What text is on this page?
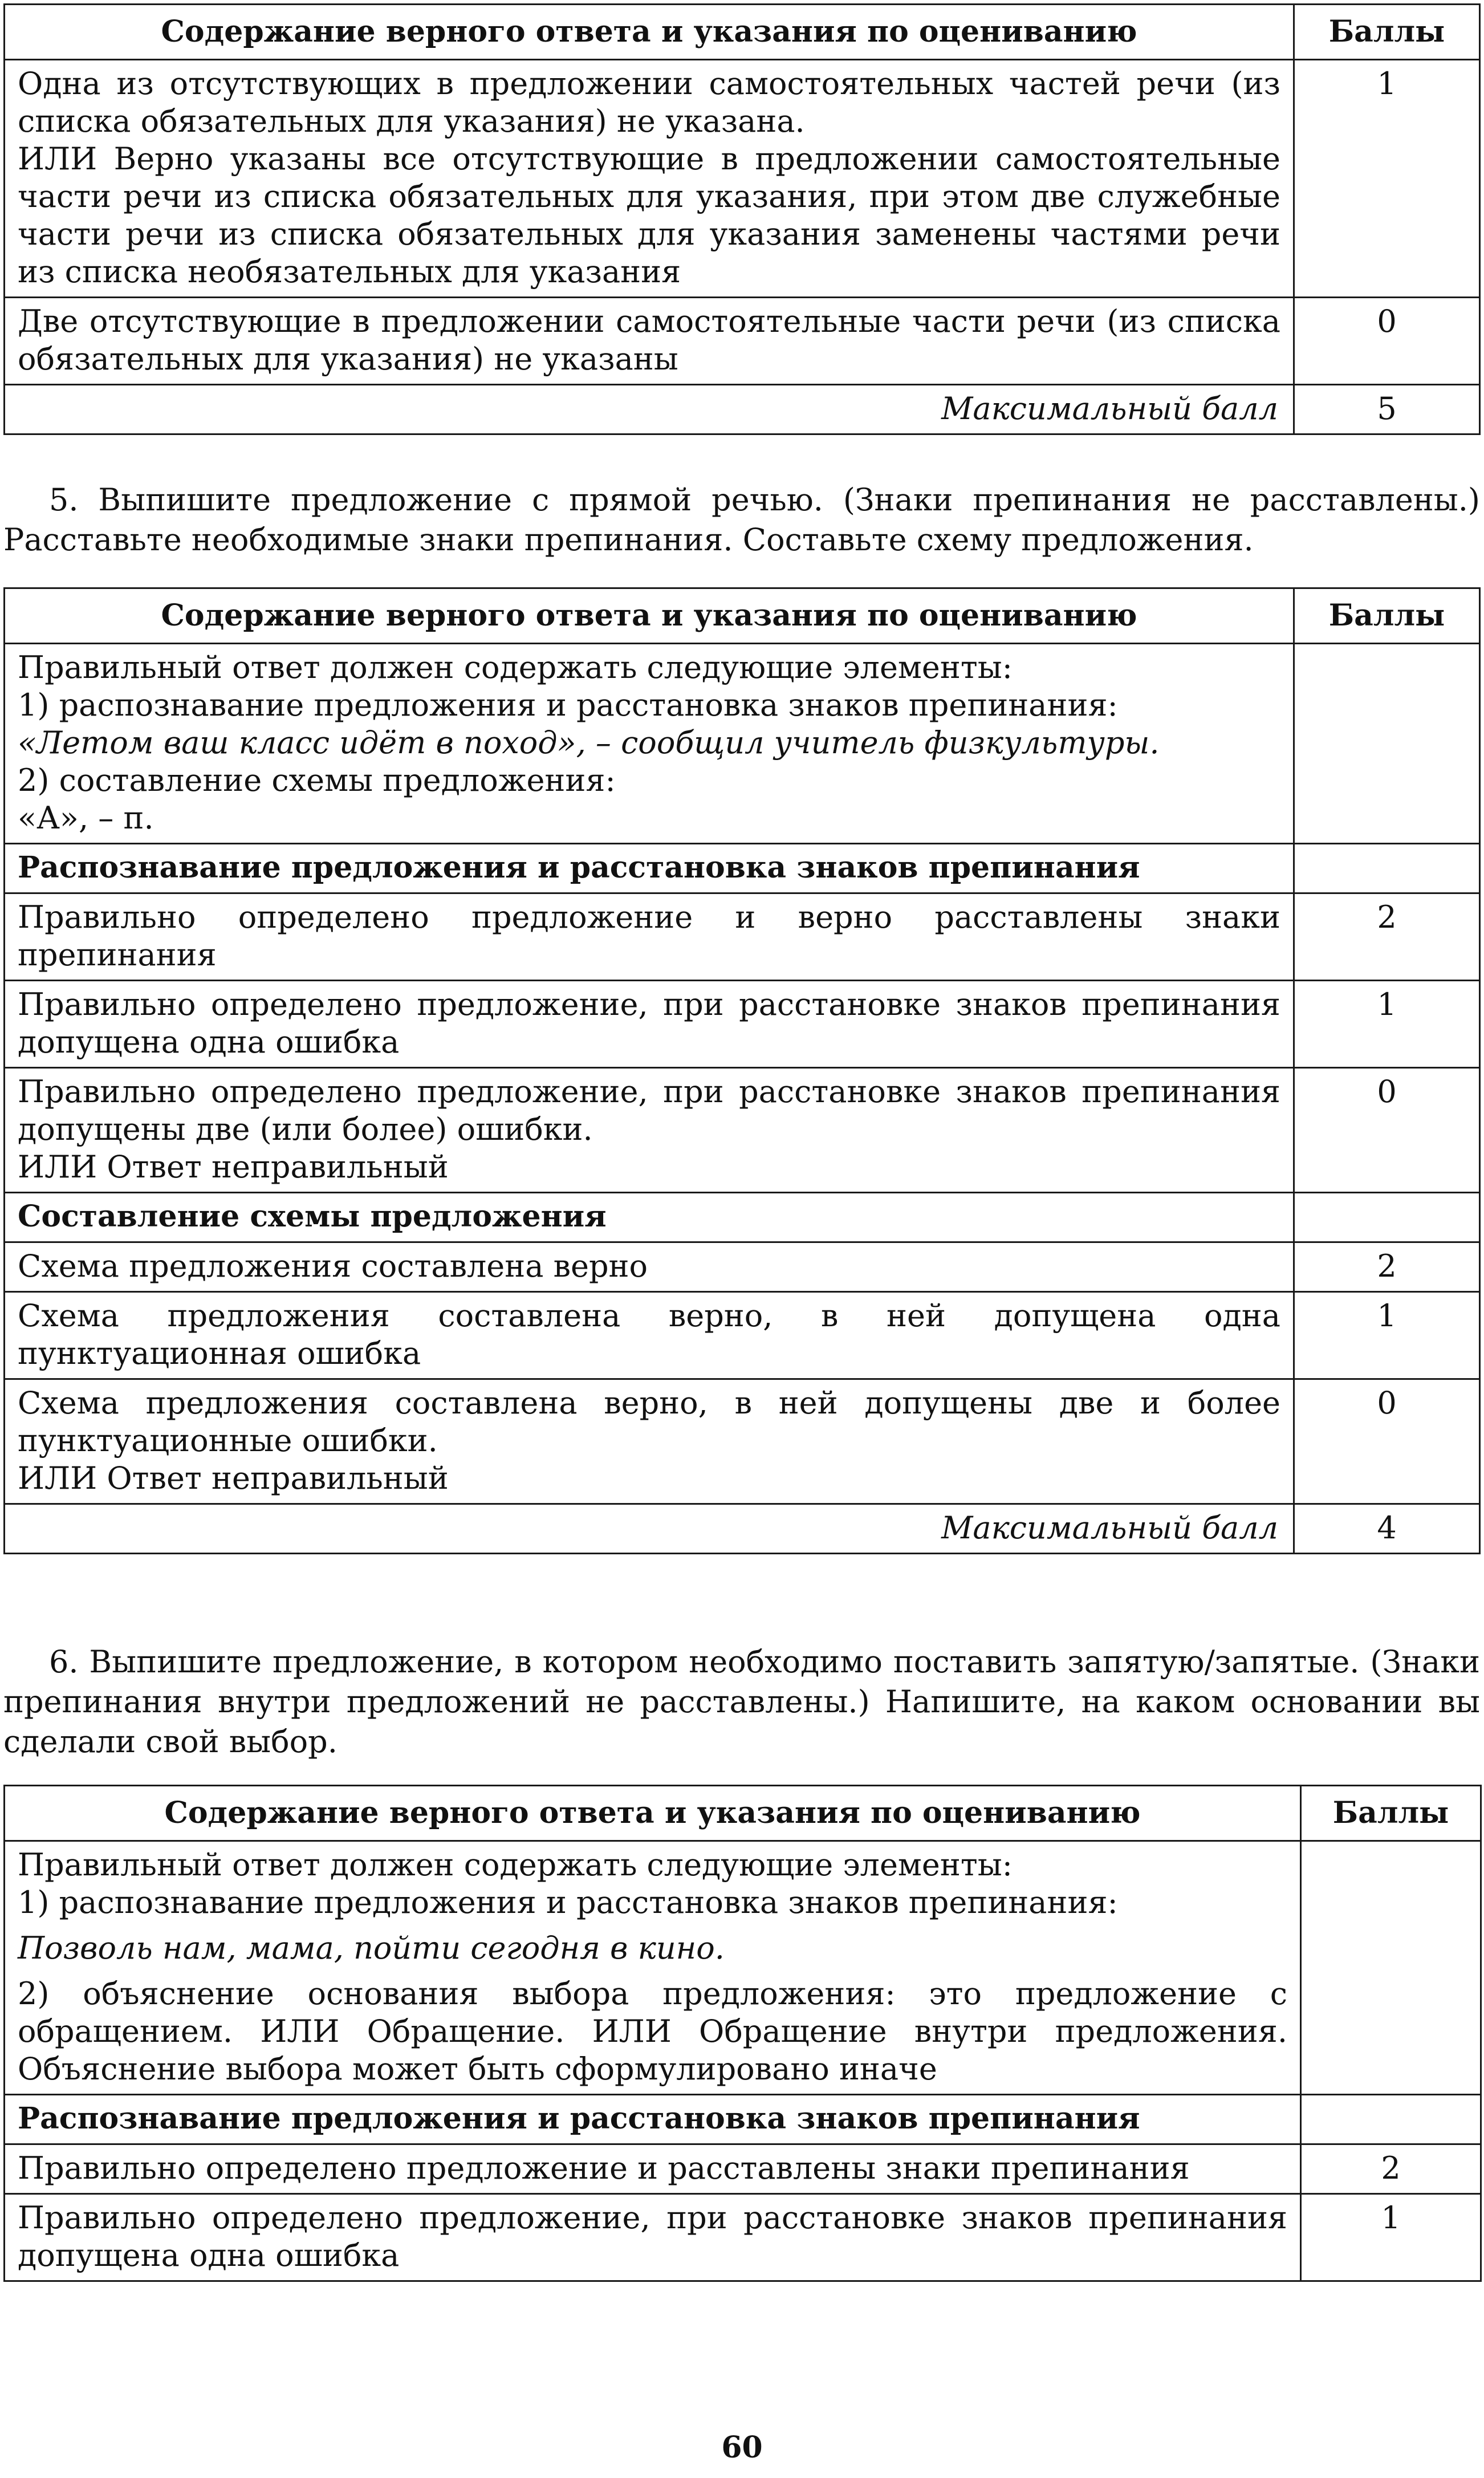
Содержание верного ответа и указания по оцениванию	Баллы

Одна из отсутствующих в предложении самостоятельных частей речи (из списка обязательных для указания) не указана.
ИЛИ Верно указаны все отсутствующие в предложении самостоятельные части речи из списка обязательных для указания, при этом две служебные части речи из списка обязательных для указания заменены частями речи из списка необязательных для указания	1

Две отсутствующие в предложении самостоятельные части речи (из списка обязательных для указания) не указаны	0
Максимальный балл	5
5. Выпишите предложение с прямой речью. (Знаки препинания не расставлены.) Расставьте необходимые знаки препинания. Составьте схему предложения.
Содержание верного ответа и указания по оцениванию	Баллы

Правильный ответ должен содержать следующие элементы:
1) распознавание предложения и расстановка знаков препинания:
«Летом ваш класс идёт в поход», – сообщил учитель физкультуры.
2) составление схемы предложения:
«А», – п.	

Распознавание предложения и расстановка знаков препинания	
Правильно определено предложение и верно расставлены знаки препинания	2
Правильно определено предложение, при расстановке знаков препинания допущена одна ошибка	1

Правильно определено предложение, при расстановке знаков препинания допущены две (или более) ошибки.
ИЛИ Ответ неправильный	0
Составление схемы предложения	
Схема предложения составлена верно	2
Схема предложения составлена верно, в ней допущена одна пунктуационная ошибка	1

Схема предложения составлена верно, в ней допущены две и более пунктуационные ошибки.
ИЛИ Ответ неправильный	0
Максимальный балл	4
6. Выпишите предложение, в котором необходимо поставить запятую/запятые. (Знаки препинания внутри предложений не расставлены.) Напишите, на каком основании вы сделали свой выбор.
Содержание верного ответа и указания по оцениванию	Баллы

Правильный ответ должен содержать следующие элементы:
1) распознавание предложения и расстановка знаков препинания:
Позволь нам, мама, пойти сегодня в кино.
2) объяснение основания выбора предложения: это предложение с обращением. ИЛИ Обращение. ИЛИ Обращение внутри предложения. Объяснение выбора может быть сформулировано иначе	

Распознавание предложения и расстановка знаков препинания	
Правильно определено предложение и расставлены знаки препинания	2
Правильно определено предложение, при расстановке знаков препинания допущена одна ошибка	1
60
